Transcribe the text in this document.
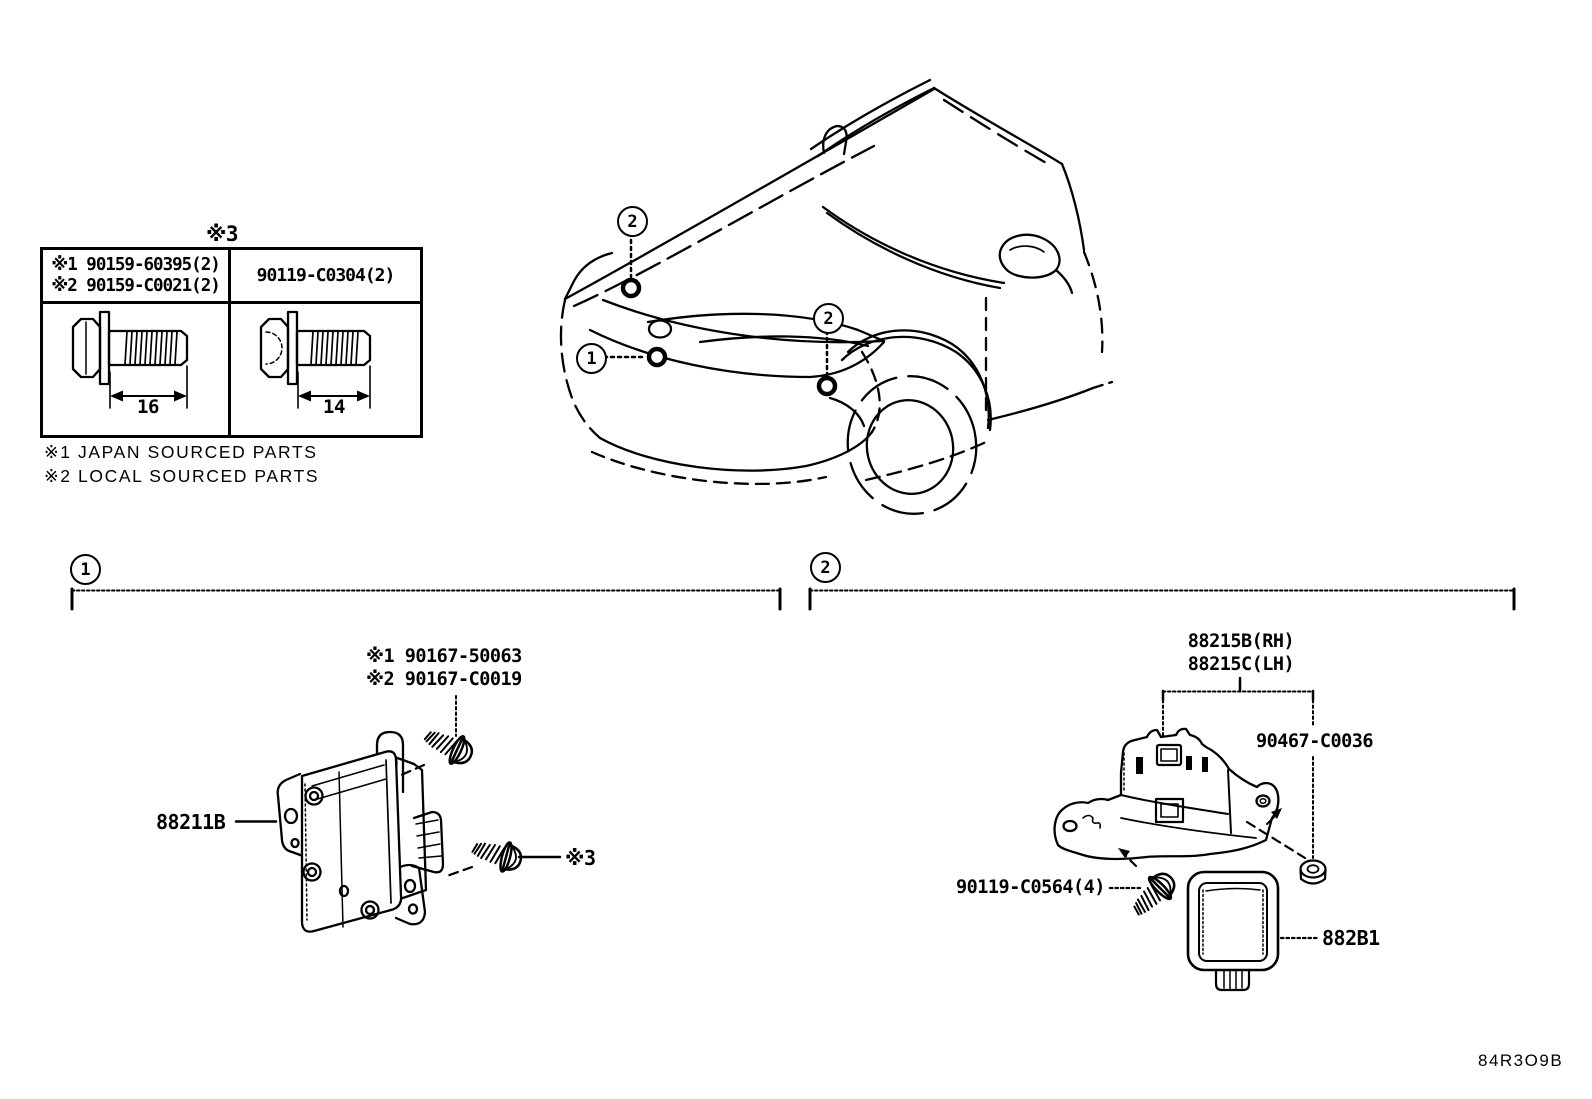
※3
※1 90159-60395(2)
※2 90159-C0021(2) 90119-C0304(2)
16	14
※1 JAPAN SOURCED PARTS
※2 LOCAL SOURCED PARTS
2
1
2
1
※1 90167-50063
※2 90167-C0019
88211B
※3
2
88215B(RH)
88215C(LH)
90467-C0036
90119-C0564(4)
882B1
84R3O9B
